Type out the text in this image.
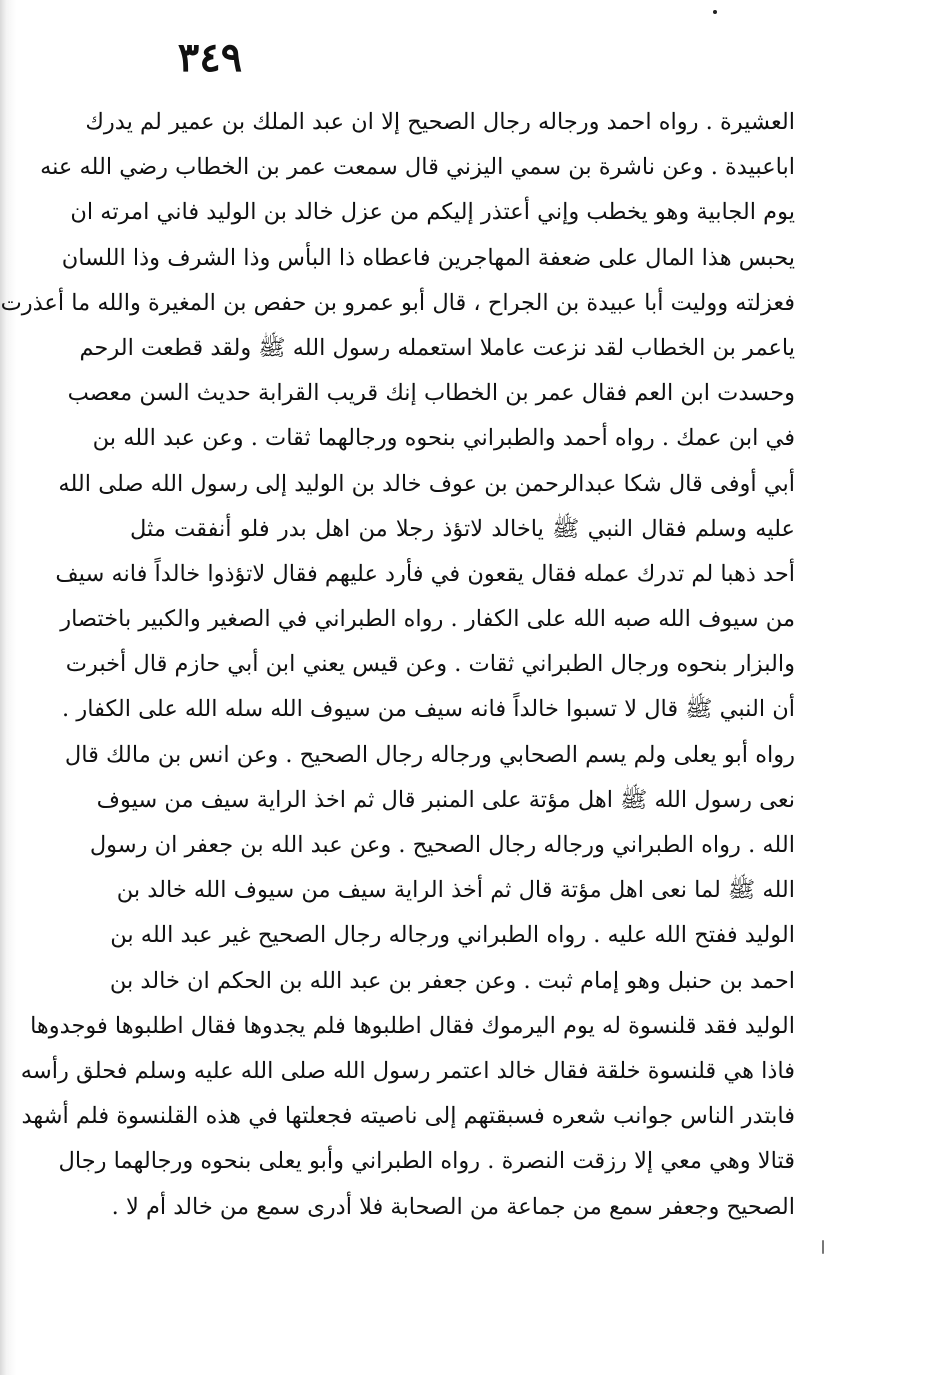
٣٤٩
العشيرة . رواه احمد ورجاله رجال الصحيح إلا ان عبد الملك بن عمير لم يدرك
اباعبيدة . وعن ناشرة بن سمي اليزني قال سمعت عمر بن الخطاب رضي الله عنه
يوم الجابية وهو يخطب وإني أعتذر إليكم من عزل خالد بن الوليد فاني امرته ان
يحبس هذا المال على ضعفة المهاجرين فاعطاه ذا البأس وذا الشرف وذا اللسان
فعزلته ووليت أبا عبيدة بن الجراح ، قال أبو عمرو بن حفص بن المغيرة والله ما أعذرت
ياعمر بن الخطاب لقد نزعت عاملا استعمله رسول الله ﷺ ولقد قطعت الرحم
وحسدت ابن العم فقال عمر بن الخطاب إنك قريب القرابة حديث السن معصب
في ابن عمك . رواه أحمد والطبراني بنحوه ورجالهما ثقات . وعن عبد الله بن
أبي أوفى قال شكا عبدالرحمن بن عوف خالد بن الوليد إلى رسول الله صلى الله
عليه وسلم فقال النبي ﷺ ياخالد لاتؤذ رجلا من اهل بدر فلو أنفقت مثل
أحد ذهبا لم تدرك عمله فقال يقعون في فأرد عليهم فقال لاتؤذوا خالداً فانه سيف
من سيوف الله صبه الله على الكفار . رواه الطبراني في الصغير والكبير باختصار
والبزار بنحوه ورجال الطبراني ثقات . وعن قيس يعني ابن أبي حازم قال أخبرت
أن النبي ﷺ قال لا تسبوا خالداً فانه سيف من سيوف الله سله الله على الكفار .
رواه أبو يعلى ولم يسم الصحابي ورجاله رجال الصحيح . وعن انس بن مالك قال
نعى رسول الله ﷺ اهل مؤتة على المنبر قال ثم اخذ الراية سيف من سيوف
الله . رواه الطبراني ورجاله رجال الصحيح . وعن عبد الله بن جعفر ان رسول
الله ﷺ لما نعى اهل مؤتة قال ثم أخذ الراية سيف من سيوف الله خالد بن
الوليد ففتح الله عليه . رواه الطبراني ورجاله رجال الصحيح غير عبد الله بن
احمد بن حنبل وهو إمام ثبت . وعن جعفر بن عبد الله بن الحكم ان خالد بن
الوليد فقد قلنسوة له يوم اليرموك فقال اطلبوها فلم يجدوها فقال اطلبوها فوجدوها
فاذا هي قلنسوة خلقة فقال خالد اعتمر رسول الله صلى الله عليه وسلم فحلق رأسه
فابتدر الناس جوانب شعره فسبقتهم إلى ناصيته فجعلتها في هذه القلنسوة فلم أشهد
قتالا وهي معي إلا رزقت النصرة . رواه الطبراني وأبو يعلى بنحوه ورجالهما رجال
الصحيح وجعفر سمع من جماعة من الصحابة فلا أدرى سمع من خالد أم لا .
